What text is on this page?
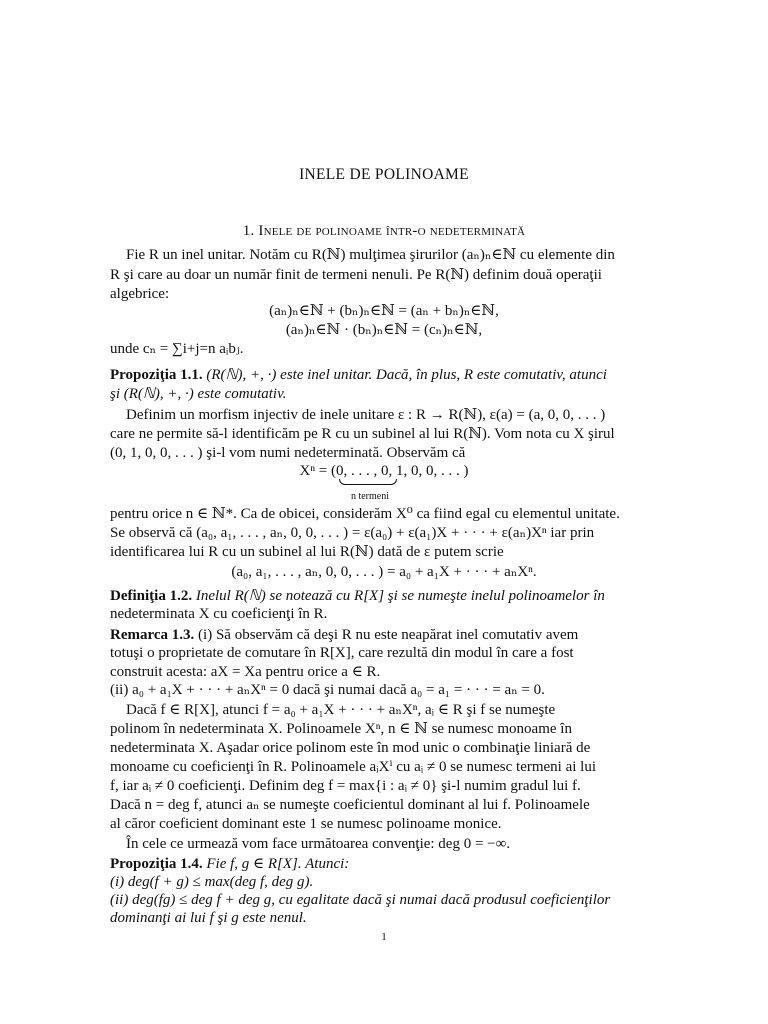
INELE DE POLINOAME
1. Inele de polinoame într-o nedeterminată
Fie R un inel unitar. Notăm cu R(ℕ) mulţimea şirurilor (aₙ)ₙ∈ℕ cu elemente din
R şi care au doar un număr finit de termeni nenuli. Pe R(ℕ) definim două operaţii
algebrice:
(aₙ)ₙ∈ℕ + (bₙ)ₙ∈ℕ = (aₙ + bₙ)ₙ∈ℕ,
(aₙ)ₙ∈ℕ · (bₙ)ₙ∈ℕ = (cₙ)ₙ∈ℕ,
unde cₙ = ∑i+j=n aᵢbⱼ.
Propoziţia 1.1. (R(ℕ), +, ·) este inel unitar. Dacă, în plus, R este comutativ, atunci
şi (R(ℕ), +, ·) este comutativ.
Definim un morfism injectiv de inele unitare ε : R → R(ℕ), ε(a) = (a, 0, 0, . . . )
care ne permite să-l identificăm pe R cu un subinel al lui R(ℕ). Vom nota cu X şirul
(0, 1, 0, 0, . . . ) şi-l vom numi nedeterminată. Observăm că
Xⁿ = (0, . . . , 0, 1, 0, 0, . . . )
n termeni
pentru orice n ∈ ℕ*. Ca de obicei, considerăm X⁰ ca fiind egal cu elementul unitate.
Se observă că (a₀, a₁, . . . , aₙ, 0, 0, . . . ) = ε(a₀) + ε(a₁)X + · · · + ε(aₙ)Xⁿ iar prin
identificarea lui R cu un subinel al lui R(ℕ) dată de ε putem scrie
(a₀, a₁, . . . , aₙ, 0, 0, . . . ) = a₀ + a₁X + · · · + aₙXⁿ.
Definiţia 1.2. Inelul R(ℕ) se notează cu R[X] şi se numeşte inelul polinoamelor în
nedeterminata X cu coeficienţi în R.
Remarca 1.3. (i) Să observăm că deşi R nu este neapărat inel comutativ avem
totuşi o proprietate de comutare în R[X], care rezultă din modul în care a fost
construit acesta: aX = Xa pentru orice a ∈ R.
(ii) a₀ + a₁X + · · · + aₙXⁿ = 0 dacă şi numai dacă a₀ = a₁ = · · · = aₙ = 0.
Dacă f ∈ R[X], atunci f = a₀ + a₁X + · · · + aₙXⁿ, aᵢ ∈ R şi f se numeşte
polinom în nedeterminata X. Polinoamele Xⁿ, n ∈ ℕ se numesc monoame în
nedeterminata X. Aşadar orice polinom este în mod unic o combinaţie liniară de
monoame cu coeficienţi în R. Polinoamele aᵢXⁱ cu aᵢ ≠ 0 se numesc termeni ai lui
f, iar aᵢ ≠ 0 coeficienţi. Definim deg f = max{i : aᵢ ≠ 0} şi-l numim gradul lui f.
Dacă n = deg f, atunci aₙ se numeşte coeficientul dominant al lui f. Polinoamele
al căror coeficient dominant este 1 se numesc polinoame monice.
În cele ce urmează vom face următoarea convenţie: deg 0 = −∞.
Propoziţia 1.4. Fie f, g ∈ R[X]. Atunci:
(i) deg(f + g) ≤ max(deg f, deg g).
(ii) deg(fg) ≤ deg f + deg g, cu egalitate dacă şi numai dacă produsul coeficienţilor
dominanţi ai lui f şi g este nenul.
1
